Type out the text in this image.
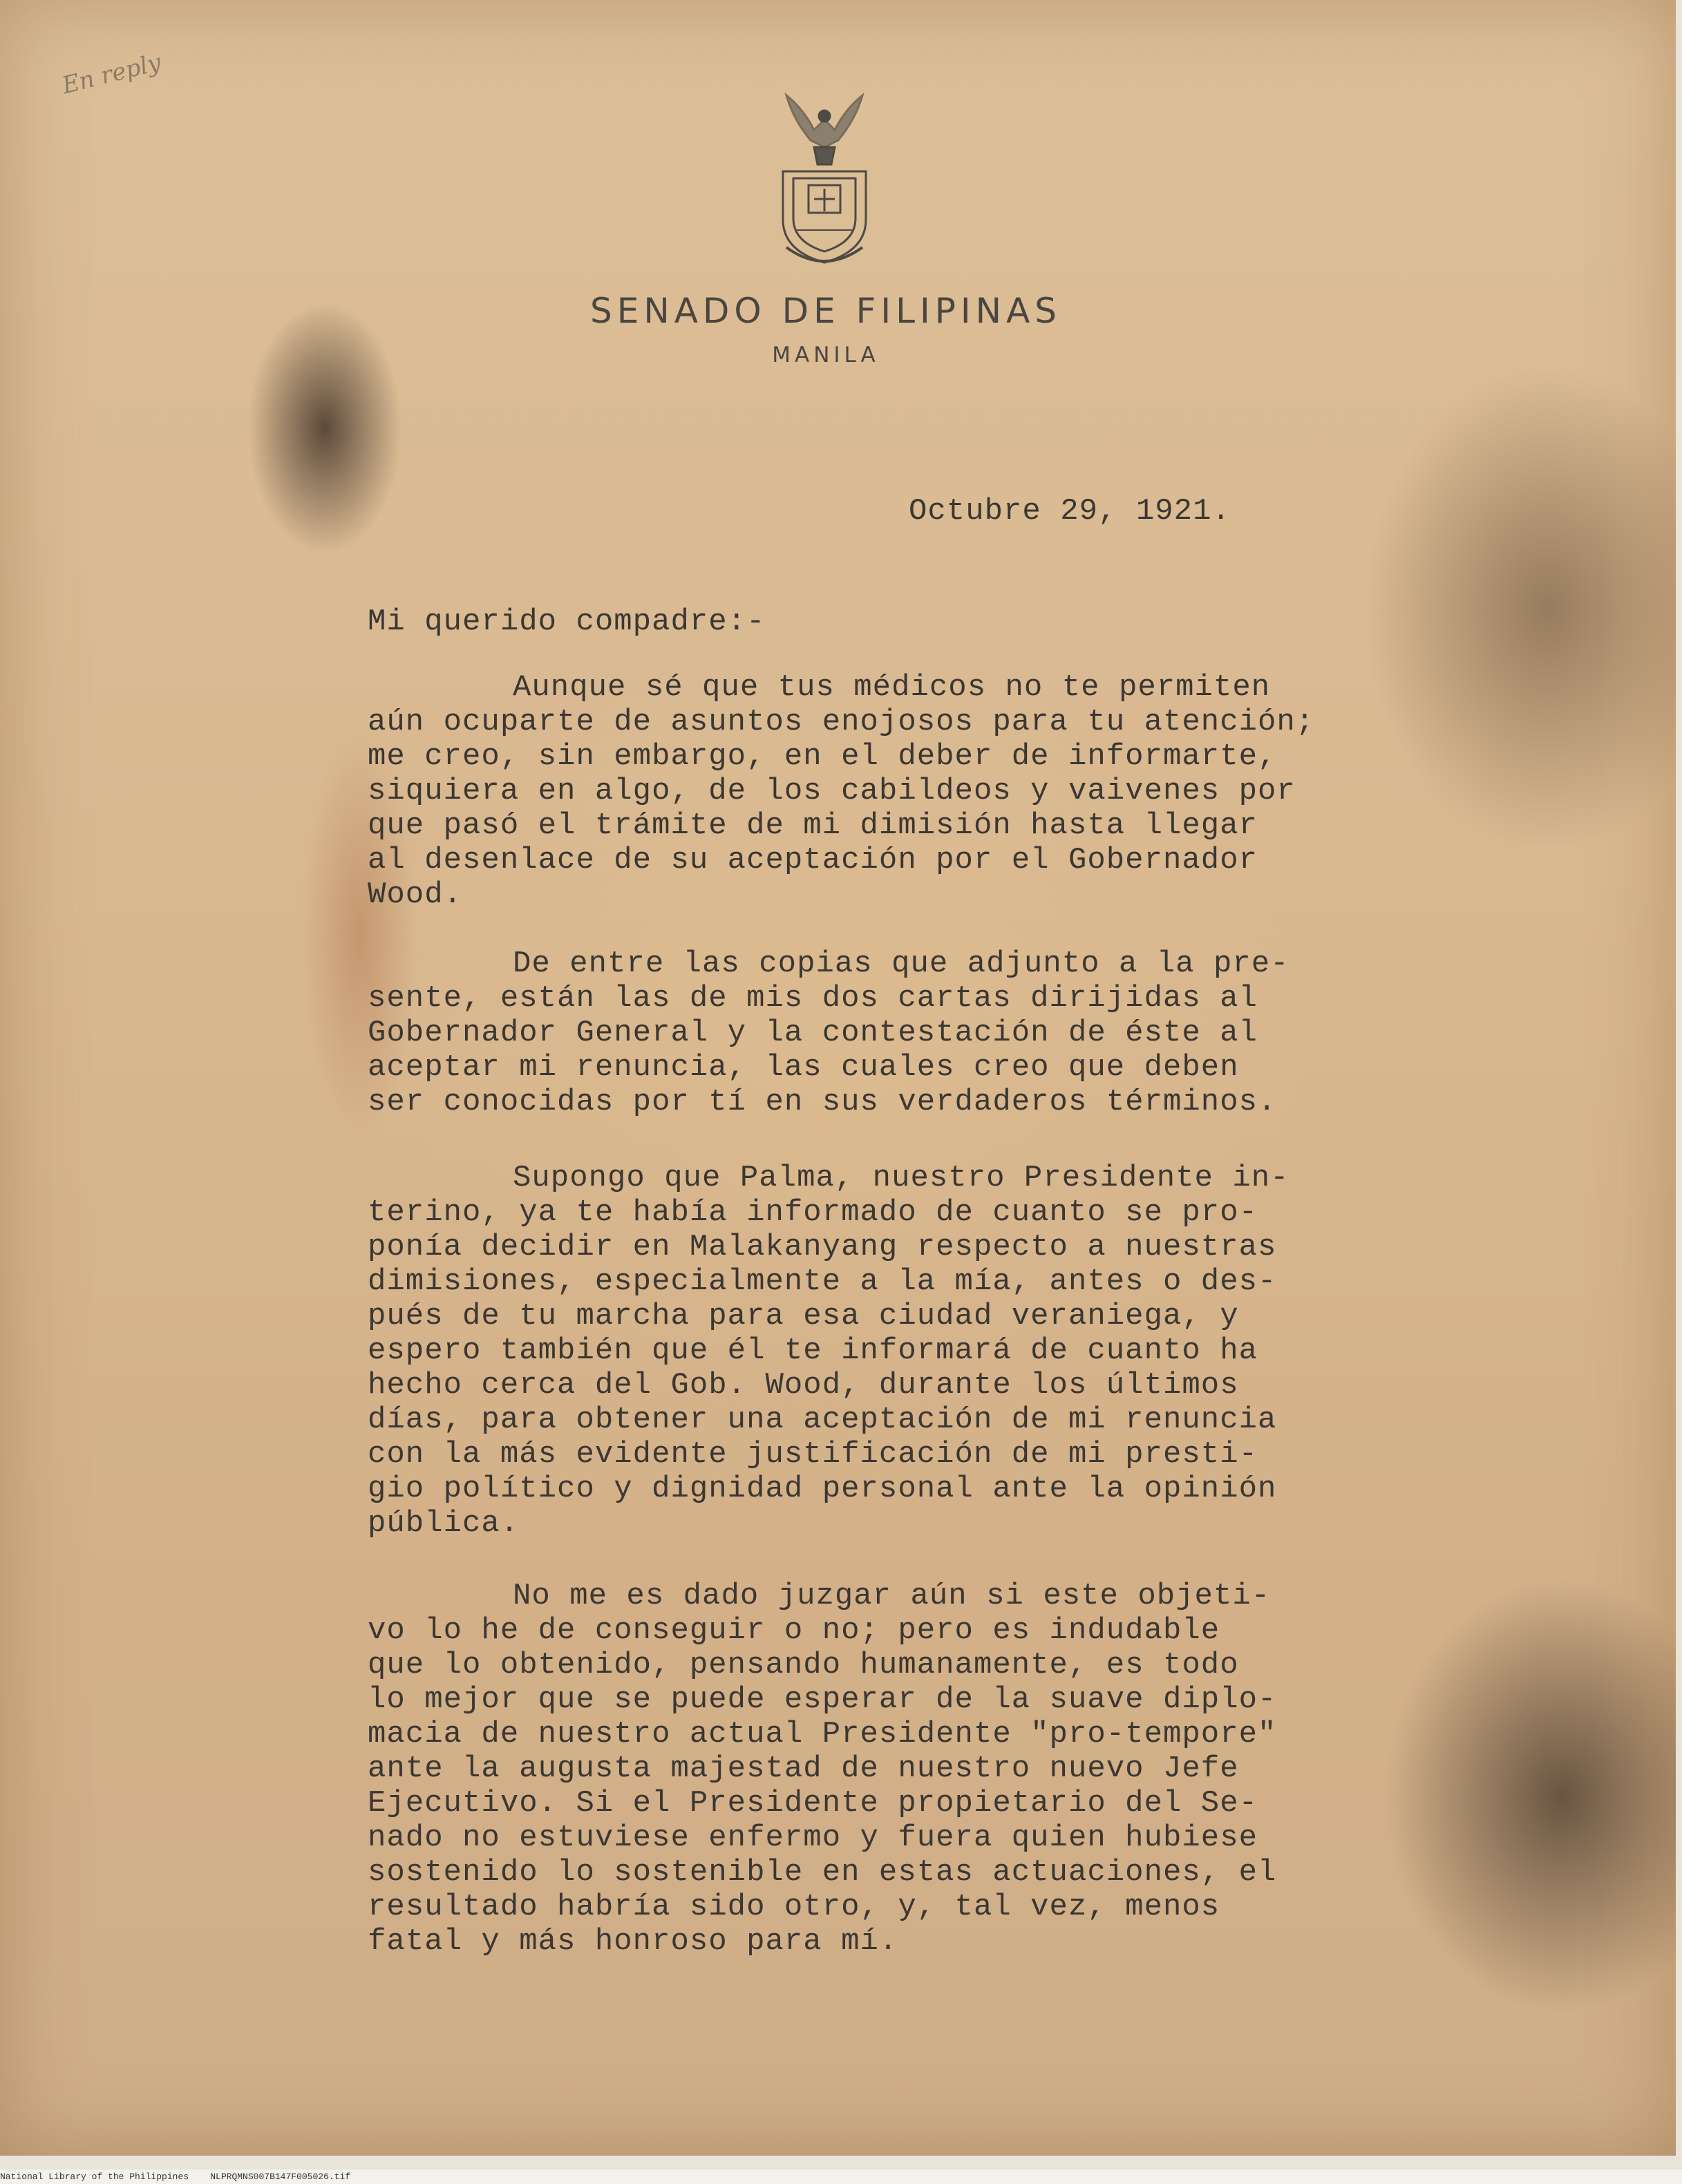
En reply
SENADO DE FILIPINAS
MANILA
Octubre 29, 1921.
Mi querido compadre:-
Aunque sé que tus médicos no te permiten
aún ocuparte de asuntos enojosos para tu atención;
me creo, sin embargo, en el deber de informarte,
siquiera en algo, de los cabildeos y vaivenes por
que pasó el trámite de mi dimisión hasta llegar
al desenlace de su aceptación por el Gobernador
Wood.
De entre las copias que adjunto a la pre-
sente, están las de mis dos cartas dirijidas al
Gobernador General y la contestación de éste al
aceptar mi renuncia, las cuales creo que deben
ser conocidas por tí en sus verdaderos términos.
Supongo que Palma, nuestro Presidente in-
terino, ya te había informado de cuanto se pro-
ponía decidir en Malakanyang respecto a nuestras
dimisiones, especialmente a la mía, antes o des-
pués de tu marcha para esa ciudad veraniega, y
espero también que él te informará de cuanto ha
hecho cerca del Gob. Wood, durante los últimos
días, para obtener una aceptación de mi renuncia
con la más evidente justificación de mi presti-
gio político y dignidad personal ante la opinión
pública.
No me es dado juzgar aún si este objeti-
vo lo he de conseguir o no; pero es indudable
que lo obtenido, pensando humanamente, es todo
lo mejor que se puede esperar de la suave diplo-
macia de nuestro actual Presidente "pro-tempore"
ante la augusta majestad de nuestro nuevo Jefe
Ejecutivo. Si el Presidente propietario del Se-
nado no estuviese enfermo y fuera quien hubiese
sostenido lo sostenible en estas actuaciones, el
resultado habría sido otro, y, tal vez, menos
fatal y más honroso para mí.
National Library of the Philippines    NLPRQMNS007B147F005026.tif
